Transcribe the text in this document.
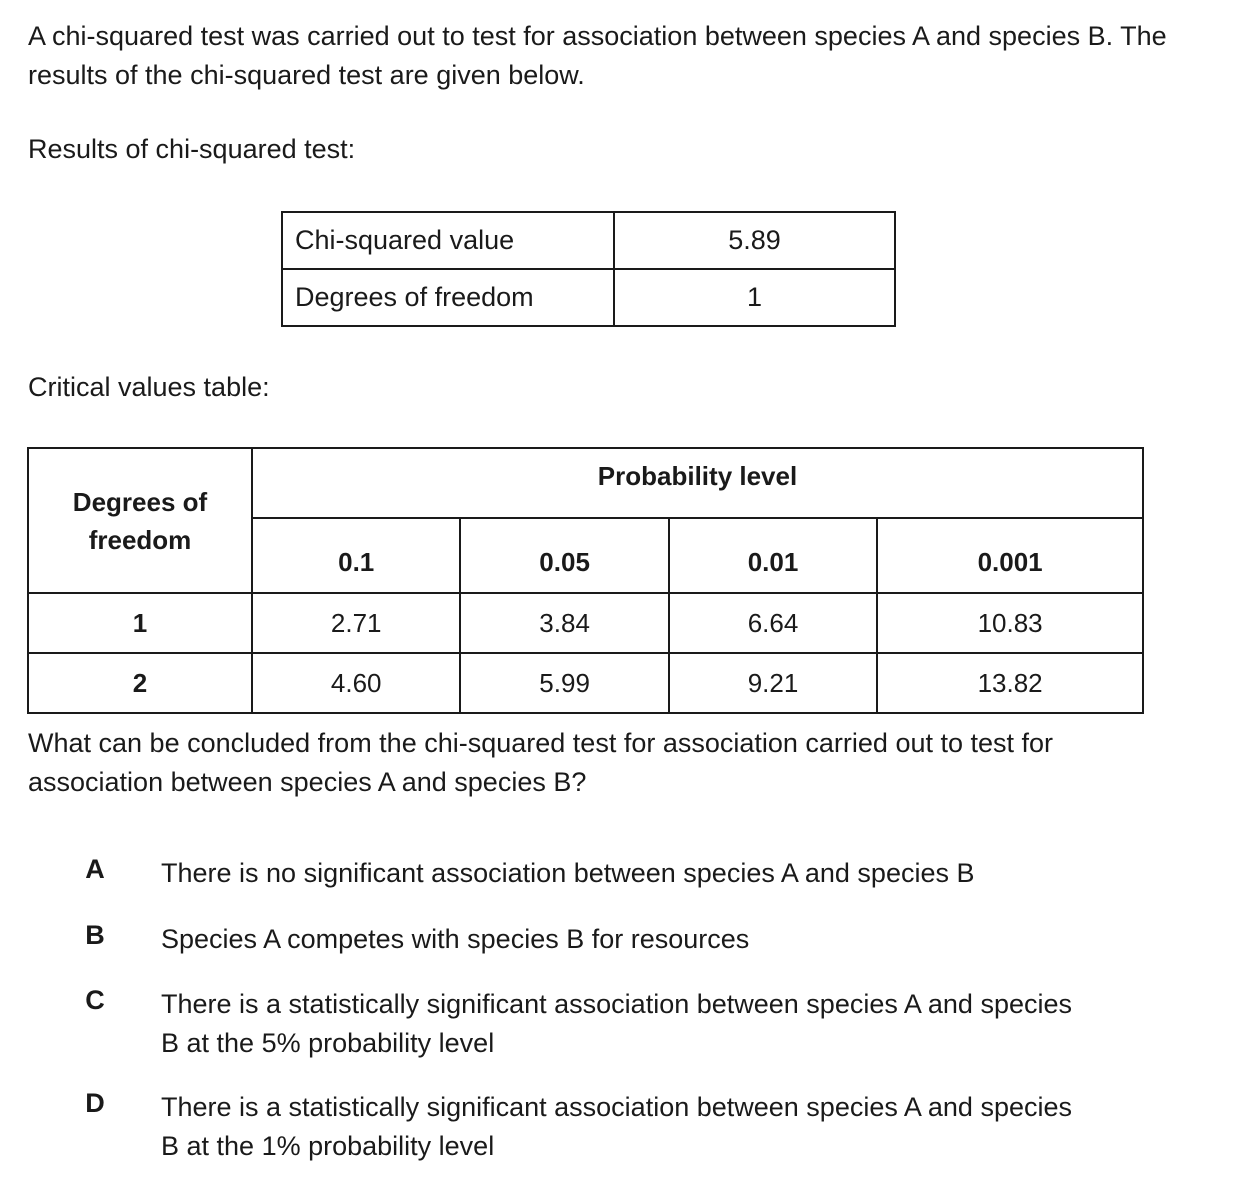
A chi-squared test was carried out to test for association between species A and species B. The results of the chi-squared test are given below.

Results of chi-squared test:

Chi-squared value	5.89
Degrees of freedom	1

Critical values table:

Degrees of freedom	Probability level			
	0.1	0.05	0.01	0.001
1	2.71	3.84	6.64	10.83
2	4.60	5.99	9.21	13.82

What can be concluded from the chi-squared test for association carried out to test for association between species A and species B?

A	There is no significant association between species A and species B
B	Species A competes with species B for resources
C	There is a statistically significant association between species A and species B at the 5% probability level
D	There is a statistically significant association between species A and species B at the 1% probability level
